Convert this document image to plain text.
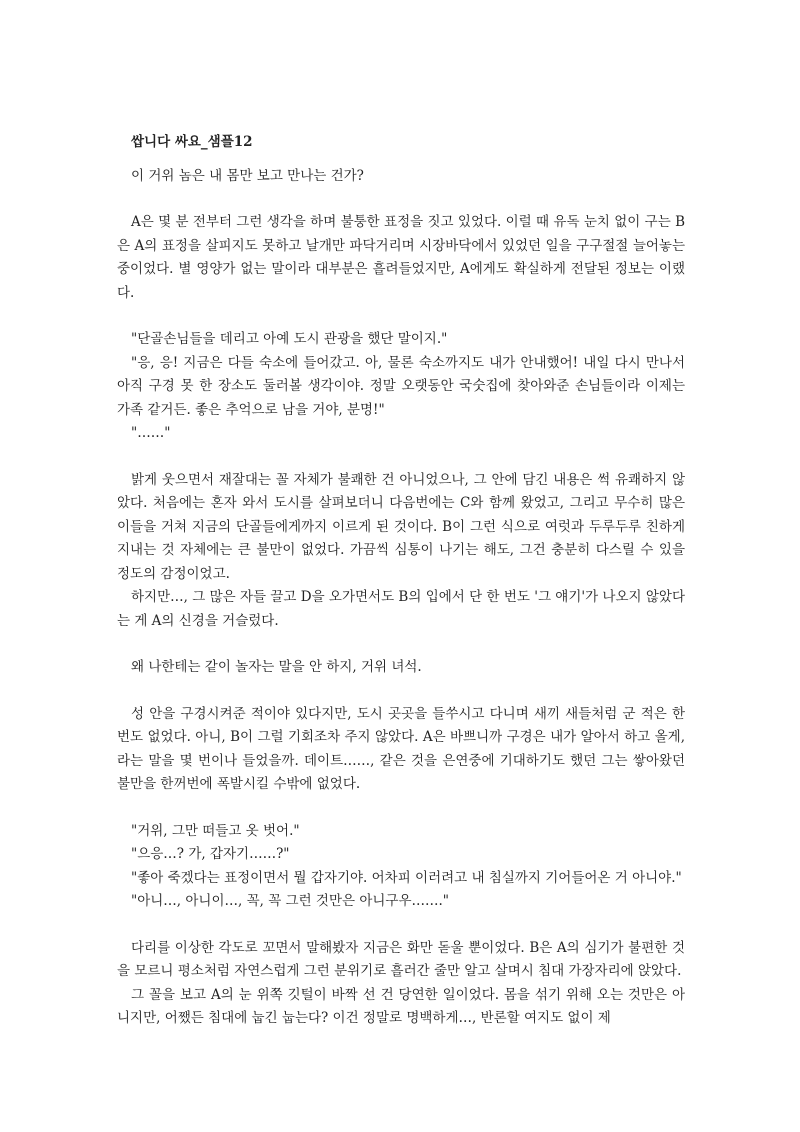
쌉니다 싸요_샘플12

이 거위 놈은 내 몸만 보고 만나는 건가?

A은 몇 분 전부터 그런 생각을 하며 불퉁한 표정을 짓고 있었다. 이럴 때 유독 눈치 없이 구는 B은 A의 표정을 살피지도 못하고 날개만 파닥거리며 시장바닥에서 있었던 일을 구구절절 늘어놓는 중이었다. 별 영양가 없는 말이라 대부분은 흘려들었지만, A에게도 확실하게 전달된 정보는 이랬다.

"단골손님들을 데리고 아예 도시 관광을 했단 말이지."

"응, 응! 지금은 다들 숙소에 들어갔고. 아, 물론 숙소까지도 내가 안내했어! 내일 다시 만나서 아직 구경 못 한 장소도 둘러볼 생각이야. 정말 오랫동안 국숫집에 찾아와준 손님들이라 이제는 가족 같거든. 좋은 추억으로 남을 거야, 분명!"

"……"

밝게 웃으면서 재잘대는 꼴 자체가 불쾌한 건 아니었으나, 그 안에 담긴 내용은 썩 유쾌하지 않았다. 처음에는 혼자 와서 도시를 살펴보더니 다음번에는 C와 함께 왔었고, 그리고 무수히 많은 이들을 거쳐 지금의 단골들에게까지 이르게 된 것이다. B이 그런 식으로 여럿과 두루두루 친하게 지내는 것 자체에는 큰 불만이 없었다. 가끔씩 심통이 나기는 해도, 그건 충분히 다스릴 수 있을 정도의 감정이었고.

하지만…, 그 많은 자들 끌고 D을 오가면서도 B의 입에서 단 한 번도 '그 얘기'가 나오지 않았다는 게 A의 신경을 거슬렀다.

왜 나한테는 같이 놀자는 말을 안 하지, 거위 녀석.

성 안을 구경시켜준 적이야 있다지만, 도시 곳곳을 들쑤시고 다니며 새끼 새들처럼 군 적은 한 번도 없었다. 아니, B이 그럴 기회조차 주지 않았다. A은 바쁘니까 구경은 내가 알아서 하고 올게, 라는 말을 몇 번이나 들었을까. 데이트……, 같은 것을 은연중에 기대하기도 했던 그는 쌓아왔던 불만을 한꺼번에 폭발시킬 수밖에 없었다.

"거위, 그만 떠들고 옷 벗어."

"으응…? 가, 갑자기……?"

"좋아 죽겠다는 표정이면서 뭘 갑자기야. 어차피 이러려고 내 침실까지 기어들어온 거 아니야."

"아니…, 아니이…, 꼭, 꼭 그런 것만은 아니구우……."

다리를 이상한 각도로 꼬면서 말해봤자 지금은 화만 돋울 뿐이었다. B은 A의 심기가 불편한 것을 모르니 평소처럼 자연스럽게 그런 분위기로 흘러간 줄만 알고 살며시 침대 가장자리에 앉았다.

그 꼴을 보고 A의 눈 위쪽 깃털이 바짝 선 건 당연한 일이었다. 몸을 섞기 위해 오는 것만은 아니지만, 어쨌든 침대에 눕긴 눕는다? 이건 정말로 명백하게…, 반론할 여지도 없이 제
